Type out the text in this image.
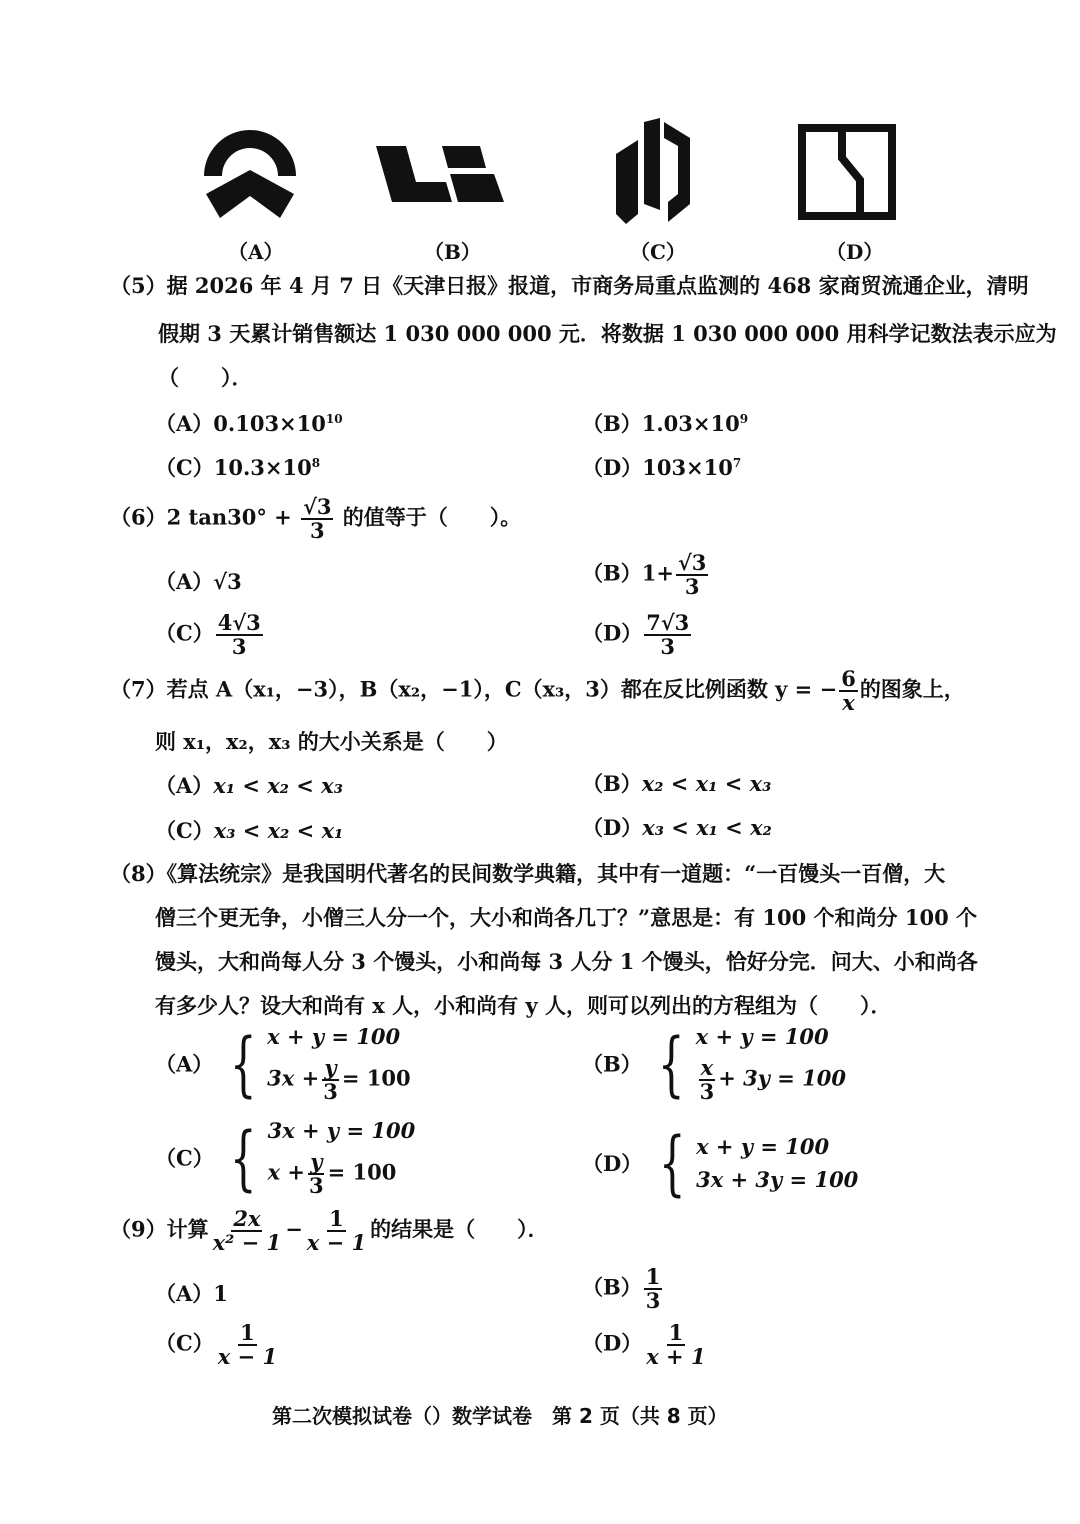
（A）	（B）	（C）	（D）
（5）据 2026 年 4 月 7 日《天津日报》报道，市商务局重点监测的 468 家商贸流通企业，清明
假期 3 天累计销售额达 1 030 000 000 元．将数据 1 030 000 000 用科学记数法表示应为
（　　）．
$(A)0.103\times 10^{10}$	$(B)1.03\times 10^9$
$(C)10.3\times 10^8$	$(D)103\times 10^7$
（6）2 $\tan 30^\circ + \frac{√3}{3}$ 的值等于（　　）。
（A）√3	$(B)1+ \frac{√3}{3}$
$(C) \frac{4√3}{3}$	$(D) \frac{7√3}{3}$
（7）若点 A（x₁，−3），B（x₂，−1），C（x₃，3）都在反比例函数 y = − $\frac{6}{x}$ 的图象上，
则 x₁，x₂，x₃ 的大小关系是（　　）
（A）x₁ < x₂ < x₃	（B）x₂ < x₁ < x₃
（C）x₃ < x₂ < x₁	（D）x₃ < x₁ < x₂
（8）《算法统宗》是我国明代著名的民间数学典籍，其中有一道题：“一百馒头一百僧，大
僧三个更无争，小僧三人分一个，大小和尚各几丁？”意思是：有 100 个和尚分 100 个
馒头，大和尚每人分 3 个馒头，小和尚每 3 人分 1 个馒头，恰好分完．问大、小和尚各
有多少人？设大和尚有 x 人，小和尚有 y 人，则可以列出的方程组为（　　）．
（A） { x + y = 100
$3x + \frac{y}{3} = 100$
（B） { x + y = 100
$\frac{x}{3} + 3y = 100$
（C） { 3x + y = 100
$x + \frac{y}{3} = 100$	（D） { x + y = 100
3x + 3y = 100
（9）计算 $\frac{2x}{\text{x² − 1}} - \frac{1}{x - 1}$ 的结果是（　　）．
（A）1	$(B) \frac{1}{3}$
$(C) \frac{1}{x - 1}$	$(D) \frac{1}{x + 1}$
第二次模拟试卷（）数学试卷　第 2 页（共 8 页）
